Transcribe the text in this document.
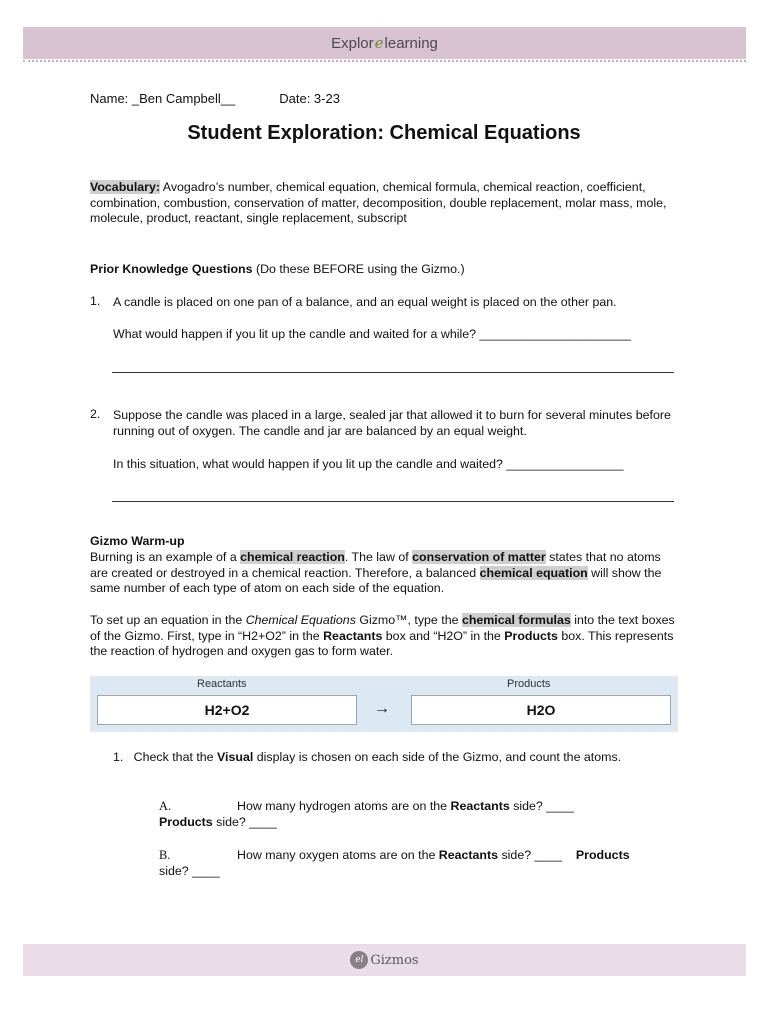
Explorelearning
Name: _Ben Campbell__	Date: 3-23
Student Exploration: Chemical Equations
Vocabulary: Avogadro’s number, chemical equation, chemical formula, chemical reaction, coefficient, combination, combustion, conservation of matter, decomposition, double replacement, molar mass, mole, molecule, product, reactant, single replacement, subscript
Prior Knowledge Questions (Do these BEFORE using the Gizmo.)
1. A candle is placed on one pan of a balance, and an equal weight is placed on the other pan.
What would happen if you lit up the candle and waited for a while? ______________________
2. Suppose the candle was placed in a large, sealed jar that allowed it to burn for several minutes before running out of oxygen. The candle and jar are balanced by an equal weight.
In this situation, what would happen if you lit up the candle and waited? _________________
Gizmo Warm-up
Burning is an example of a chemical reaction. The law of conservation of matter states that no atoms are created or destroyed in a chemical reaction. Therefore, a balanced chemical equation will show the same number of each type of atom on each side of the equation.
To set up an equation in the Chemical Equations Gizmo™, type the chemical formulas into the text boxes of the Gizmo. First, type in “H2+O2” in the Reactants box and “H2O” in the Products box. This represents the reaction of hydrogen and oxygen gas to form water.
Reactants
H2+O2	→
Products
H2O
1. Check that the Visual display is chosen on each side of the Gizmo, and count the atoms.
A.	How many hydrogen atoms are on the Reactants side? ____
Products side? ____
B.	How many oxygen atoms are on the Reactants side? ____ Products
side? ____
el Gizmos
